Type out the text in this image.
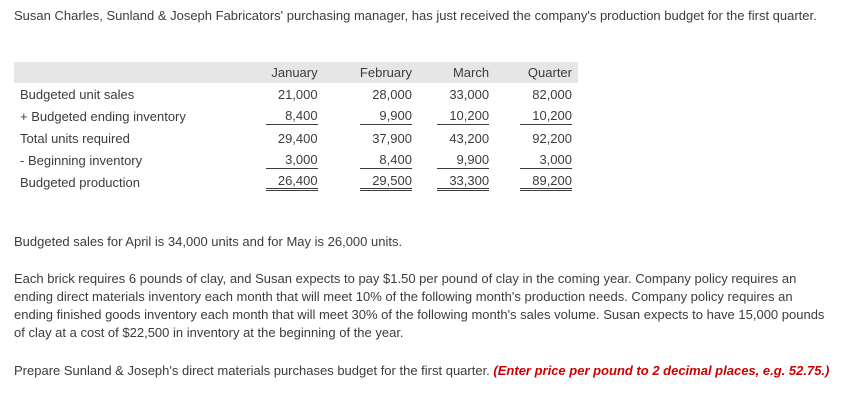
Susan Charles, Sunland & Joseph Fabricators' purchasing manager, has just received the company's production budget for the first quarter.

	January	February	March	Quarter
Budgeted unit sales	21,000	28,000	33,000	82,000
+ Budgeted ending inventory	8,400	9,900	10,200	10,200
Total units required	29,400	37,900	43,200	92,200
- Beginning inventory	3,000	8,400	9,900	3,000
Budgeted production	26,400	29,500	33,300	89,200

Budgeted sales for April is 34,000 units and for May is 26,000 units.

Each brick requires 6 pounds of clay, and Susan expects to pay $1.50 per pound of clay in the coming year. Company policy requires an ending direct materials inventory each month that will meet 10% of the following month's production needs. Company policy requires an ending finished goods inventory each month that will meet 30% of the following month's sales volume. Susan expects to have 15,000 pounds of clay at a cost of $22,500 in inventory at the beginning of the year.

Prepare Sunland & Joseph's direct materials purchases budget for the first quarter. (Enter price per pound to 2 decimal places, e.g. 52.75.)
